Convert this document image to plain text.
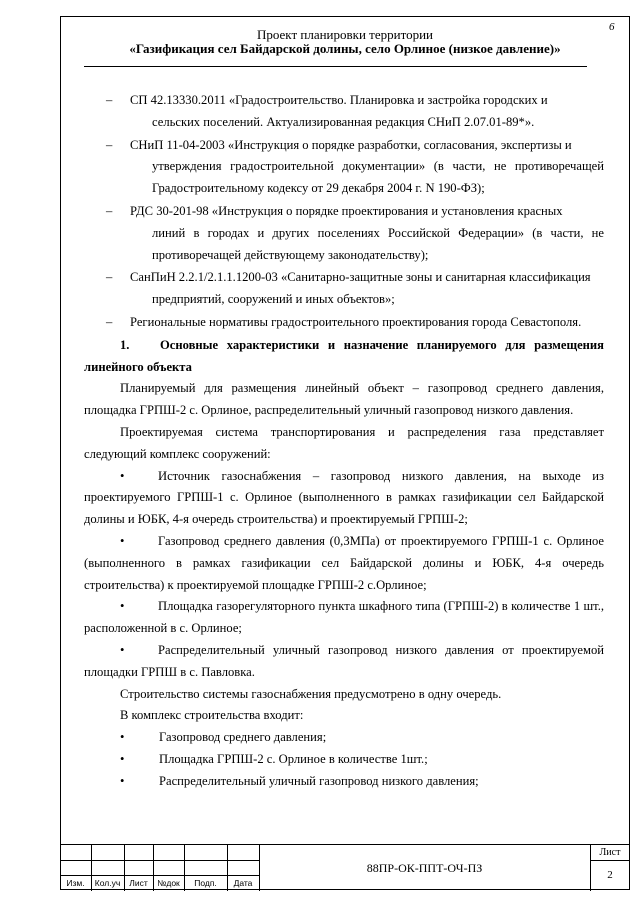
6
Проект планировки территории
«Газификация сел Байдарской долины, село Орлиное (низкое давление)»
–	СП 42.13330.2011 «Градостроительство. Планировка и застройка городских и
сельских поселений. Актуализированная редакция СНиП 2.07.01-89*».
–	СНиП 11-04-2003 «Инструкция о порядке разработки, согласования, экспертизы и
утверждения градостроительной документации» (в части, не противоречащей Градостроительному кодексу от 29 декабря 2004 г. N 190-ФЗ);
–	РДС 30-201-98 «Инструкция о порядке проектирования и установления красных
линий в городах и других поселениях Российской Федерации» (в части, не противоречащей действующему законодательству);
–	СанПиН 2.2.1/2.1.1.1200-03 «Санитарно-защитные зоны и санитарная классификация
предприятий, сооружений и иных объектов»;
–	Региональные нормативы градостроительного проектирования города Севастополя.

1. Основные характеристики и назначение планируемого для размещения линейного объекта

Планируемый для размещения линейный объект – газопровод среднего давления, площадка ГРПШ-2 с. Орлиное, распределительный уличный газопровод низкого давления.

Проектируемая система транспортирования и распределения газа представляет следующий комплекс сооружений:

•	Источник газоснабжения – газопровод низкого давления, на выходе из проектируемого ГРПШ-1 с. Орлиное (выполненного в рамках газификации сел Байдарской долины и ЮБК, 4-я очередь строительства) и проектируемый ГРПШ-2;

•	Газопровод среднего давления (0,3МПа) от проектируемого ГРПШ-1 с. Орлиное (выполненного в рамках газификации сел Байдарской долины и ЮБК, 4-я очередь строительства) к проектируемой площадке ГРПШ-2 с.Орлиное;

•	Площадка газорегуляторного пункта шкафного типа (ГРПШ-2) в количестве 1 шт., расположенной в с. Орлиное;

•	Распределительный уличный газопровод низкого давления от проектируемой площадки ГРПШ в с. Павловка.

Строительство системы газоснабжения предусмотрено в одну очередь.

В комплекс строительства входит:

•	Газопровод среднего давления;
•	Площадка ГРПШ-2 с. Орлиное в количестве 1шт.;
•	Распределительный уличный газопровод низкого давления;
Изм.	Кол.уч	Лист	№док	Подп.	Дата
88ПР-ОК-ППТ-ОЧ-ПЗ
Лист
2
